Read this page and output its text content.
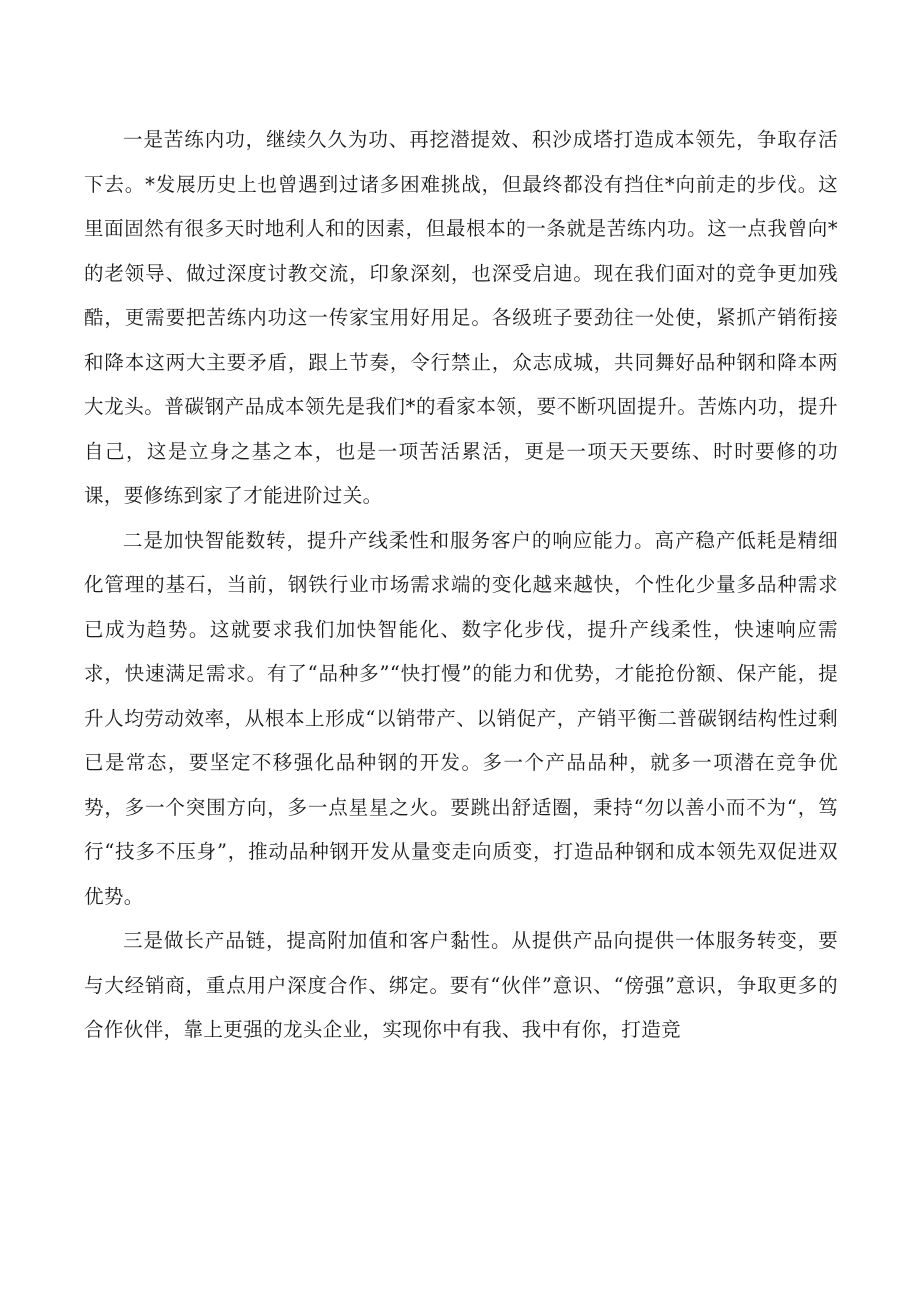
一是苦练内功，继续久久为功、再挖潜提效、积沙成塔打造成本领先，争取存活下去。*发展历史上也曾遇到过诸多困难挑战，但最终都没有挡住*向前走的步伐。这里面固然有很多天时地利人和的因素，但最根本的一条就是苦练内功。这一点我曾向*的老领导、做过深度讨教交流，印象深刻，也深受启迪。现在我们面对的竞争更加残酷，更需要把苦练内功这一传家宝用好用足。各级班子要劲往一处使，紧抓产销衔接和降本这两大主要矛盾，跟上节奏，令行禁止，众志成城，共同舞好品种钢和降本两大龙头。普碳钢产品成本领先是我们*的看家本领，要不断巩固提升。苦炼内功，提升自己，这是立身之基之本，也是一项苦活累活，更是一项天天要练、时时要修的功课，要修练到家了才能进阶过关。

二是加快智能数转，提升产线柔性和服务客户的响应能力。高产稳产低耗是精细化管理的基石，当前，钢铁行业市场需求端的变化越来越快，个性化少量多品种需求已成为趋势。这就要求我们加快智能化、数字化步伐，提升产线柔性，快速响应需求，快速满足需求。有了“品种多”“快打慢”的能力和优势，才能抢份额、保产能，提升人均劳动效率，从根本上形成“以销带产、以销促产，产销平衡二普碳钢结构性过剩已是常态，要坚定不移强化品种钢的开发。多一个产品品种，就多一项潜在竞争优势，多一个突围方向，多一点星星之火。要跳出舒适圈，秉持“勿以善小而不为“，笃行“技多不压身”，推动品种钢开发从量变走向质变，打造品种钢和成本领先双促进双优势。

三是做长产品链，提高附加值和客户黏性。从提供产品向提供一体服务转变，要与大经销商，重点用户深度合作、绑定。要有“伙伴”意识、“傍强”意识，争取更多的合作伙伴，靠上更强的龙头企业，实现你中有我、我中有你，打造竞
